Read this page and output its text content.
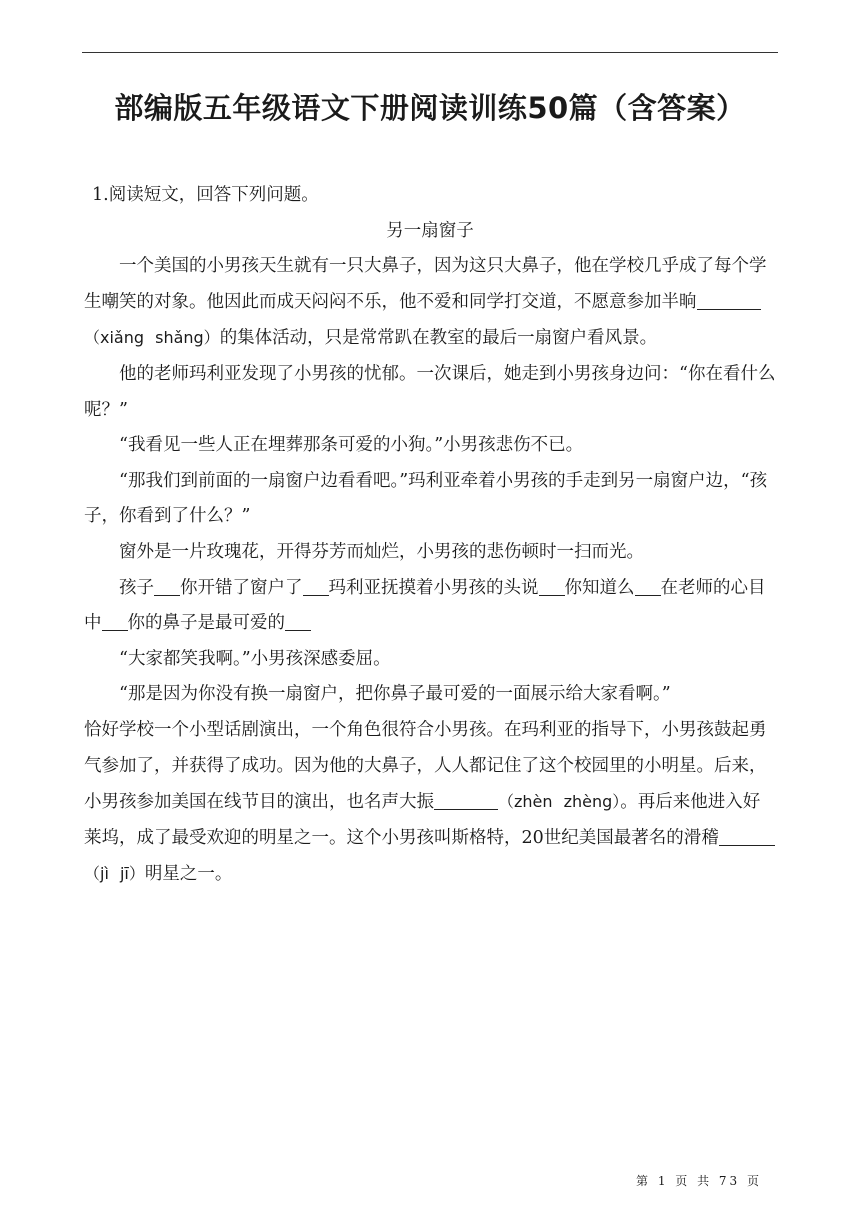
部编版五年级语文下册阅读训练50篇（含答案）

1.阅读短文，回答下列问题。

另一扇窗子

一个美国的小男孩天生就有一只大鼻子，因为这只大鼻子，他在学校几乎成了每个学生嘲笑的对象。他因此而成天闷闷不乐，他不爱和同学打交道，不愿意参加半晌（xiǎng shǎng）的集体活动，只是常常趴在教室的最后一扇窗户看风景。

他的老师玛利亚发现了小男孩的忧郁。一次课后，她走到小男孩身边问：“你在看什么呢？”

“我看见一些人正在埋葬那条可爱的小狗。”小男孩悲伤不已。

“那我们到前面的一扇窗户边看看吧。”玛利亚牵着小男孩的手走到另一扇窗户边，“孩子，你看到了什么？”

窗外是一片玫瑰花，开得芬芳而灿烂，小男孩的悲伤顿时一扫而光。

孩子 你开错了窗户了 玛利亚抚摸着小男孩的头说 你知道么 在老师的心目中 你的鼻子是最可爱的

“大家都笑我啊。”小男孩深感委屈。

“那是因为你没有换一扇窗户，把你鼻子最可爱的一面展示给大家看啊。”

恰好学校一个小型话剧演出，一个角色很符合小男孩。在玛利亚的指导下，小男孩鼓起勇气参加了，并获得了成功。因为他的大鼻子，人人都记住了这个校园里的小明星。后来，小男孩参加美国在线节目的演出，也名声大振	（zhèn zhèng）。再后来他进入好莱坞，成了最受欢迎的明星之一。这个小男孩叫斯格特，20世纪美国最著名的滑稽（jì jī）明星之一。

第 1 页 共 73 页
